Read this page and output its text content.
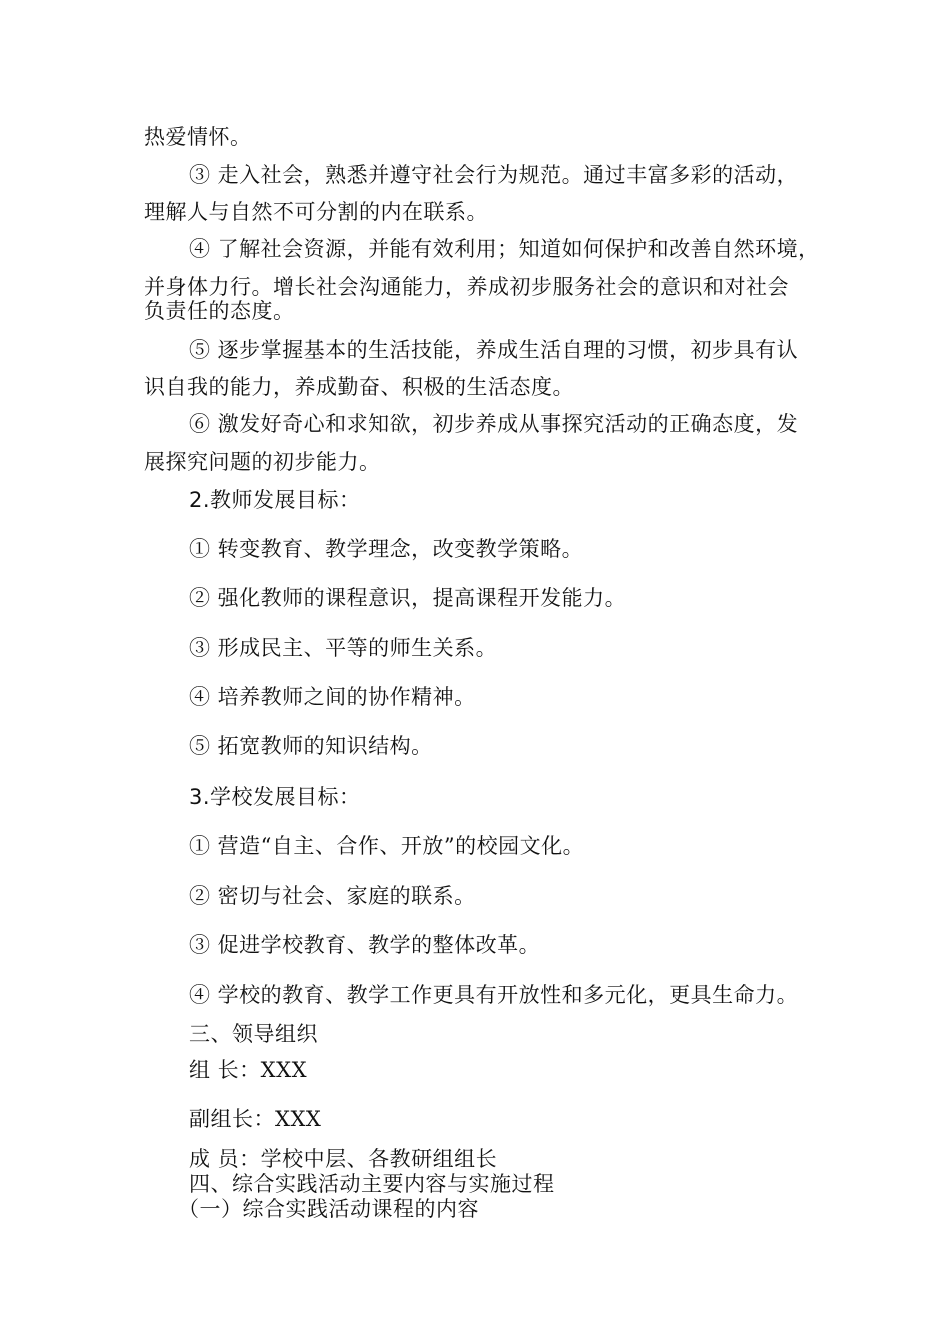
热爱情怀。
③ 走入社会，熟悉并遵守社会行为规范。通过丰富多彩的活动，
理解人与自然不可分割的内在联系。
④ 了解社会资源，并能有效利用；知道如何保护和改善自然环境，
并身体力行。增长社会沟通能力，养成初步服务社会的意识和对社会
负责任的态度。
⑤ 逐步掌握基本的生活技能，养成生活自理的习惯，初步具有认
识自我的能力，养成勤奋、积极的生活态度。
⑥ 激发好奇心和求知欲，初步养成从事探究活动的正确态度，发
展探究问题的初步能力。
2.教师发展目标：
① 转变教育、教学理念，改变教学策略。
② 强化教师的课程意识，提高课程开发能力。
③ 形成民主、平等的师生关系。
④ 培养教师之间的协作精神。
⑤ 拓宽教师的知识结构。
3.学校发展目标：
① 营造“自主、合作、开放”的校园文化。
② 密切与社会、家庭的联系。
③ 促进学校教育、教学的整体改革。
④ 学校的教育、教学工作更具有开放性和多元化，更具生命力。
三、领导组织
组 长：XXX
副组长：XXX
成 员：学校中层、各教研组组长
四、综合实践活动主要内容与实施过程
（一）综合实践活动课程的内容
